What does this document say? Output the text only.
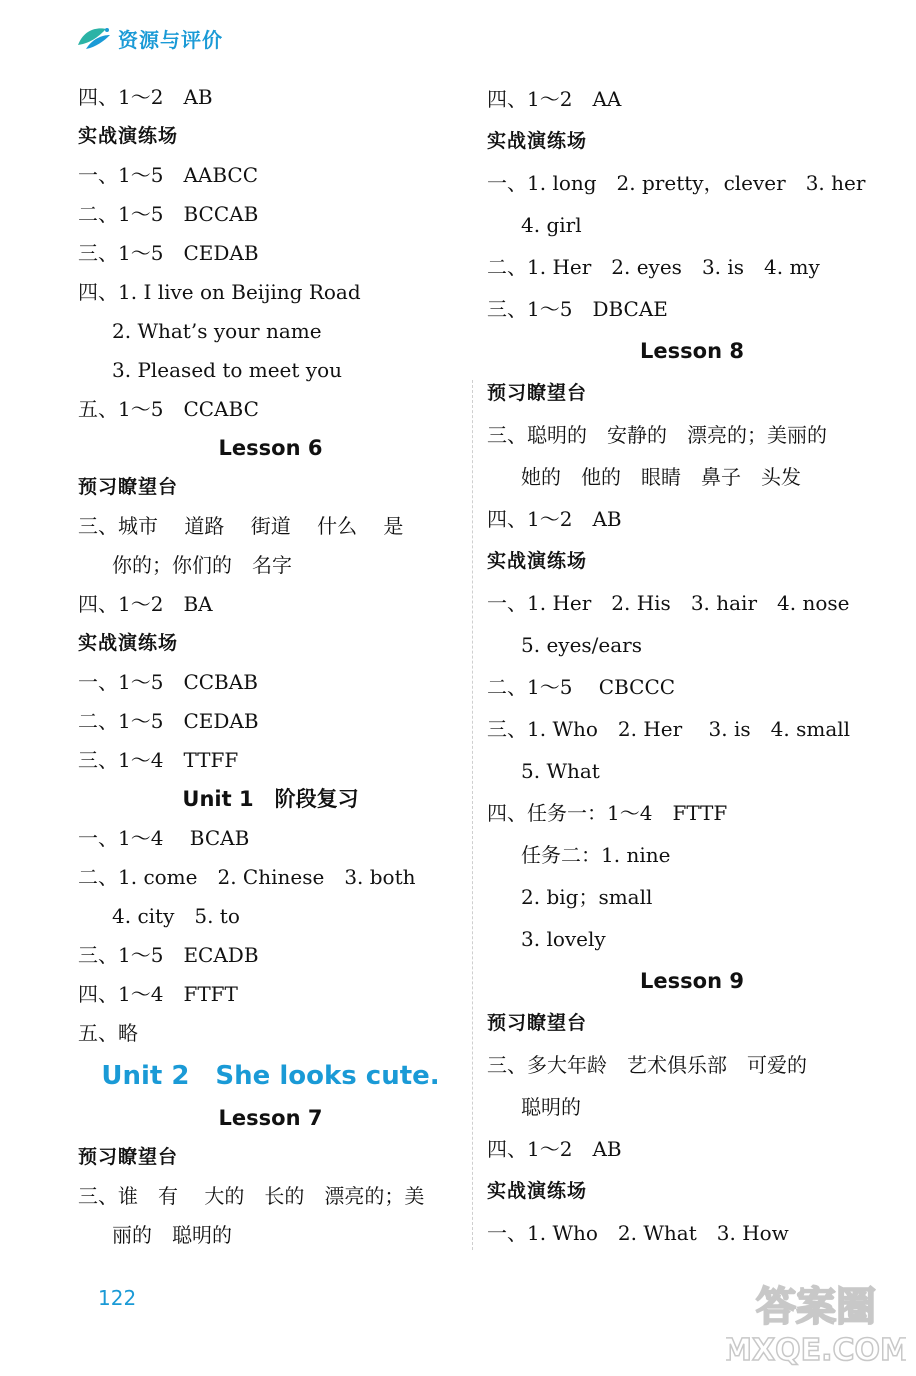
资源与评价
四、1～2　AB
实战演练场
一、1～5　AABCC
二、1～5　BCCAB
三、1～5　CEDAB
四、1. I live on Beijing Road
2. What’s your name
3. Pleased to meet you
五、1～5　CCABC
Lesson 6
预习瞭望台
三、城市　 道路　 街道　 什么　 是
你的；你们的　名字
四、1～2　BA
实战演练场
一、1～5　CCBAB
二、1～5　CEDAB
三、1～4　TTFF
Unit 1　阶段复习
一、1～4　 BCAB
二、1. come　2. Chinese　3. both
4. city　5. to
三、1～5　ECADB
四、1～4　FTFT
五、略
Unit 2　She looks cute.
Lesson 7
预习瞭望台
三、谁　有　 大的　长的　漂亮的；美
丽的　聪明的
四、1～2　AA
实战演练场
一、1. long　2. pretty，clever　3. her
4. girl
二、1. Her　2. eyes　3. is　4. my
三、1～5　DBCAE
Lesson 8
预习瞭望台
三、聪明的　安静的　漂亮的；美丽的
她的　他的　眼睛　鼻子　头发
四、1～2　AB
实战演练场
一、1. Her　2. His　3. hair　4. nose
5. eyes/ears
二、1～5　 CBCCC
三、1. Who　2. Her　 3. is　4. small
5. What
四、任务一：1～4　FTTF
任务二：1. nine
2. big；small
3. lovely
Lesson 9
预习瞭望台
三、多大年龄　艺术俱乐部　可爱的
聪明的
四、1～2　AB
实战演练场
一、1. Who　2. What　3. How
122	答案圈
MXQE.COM
